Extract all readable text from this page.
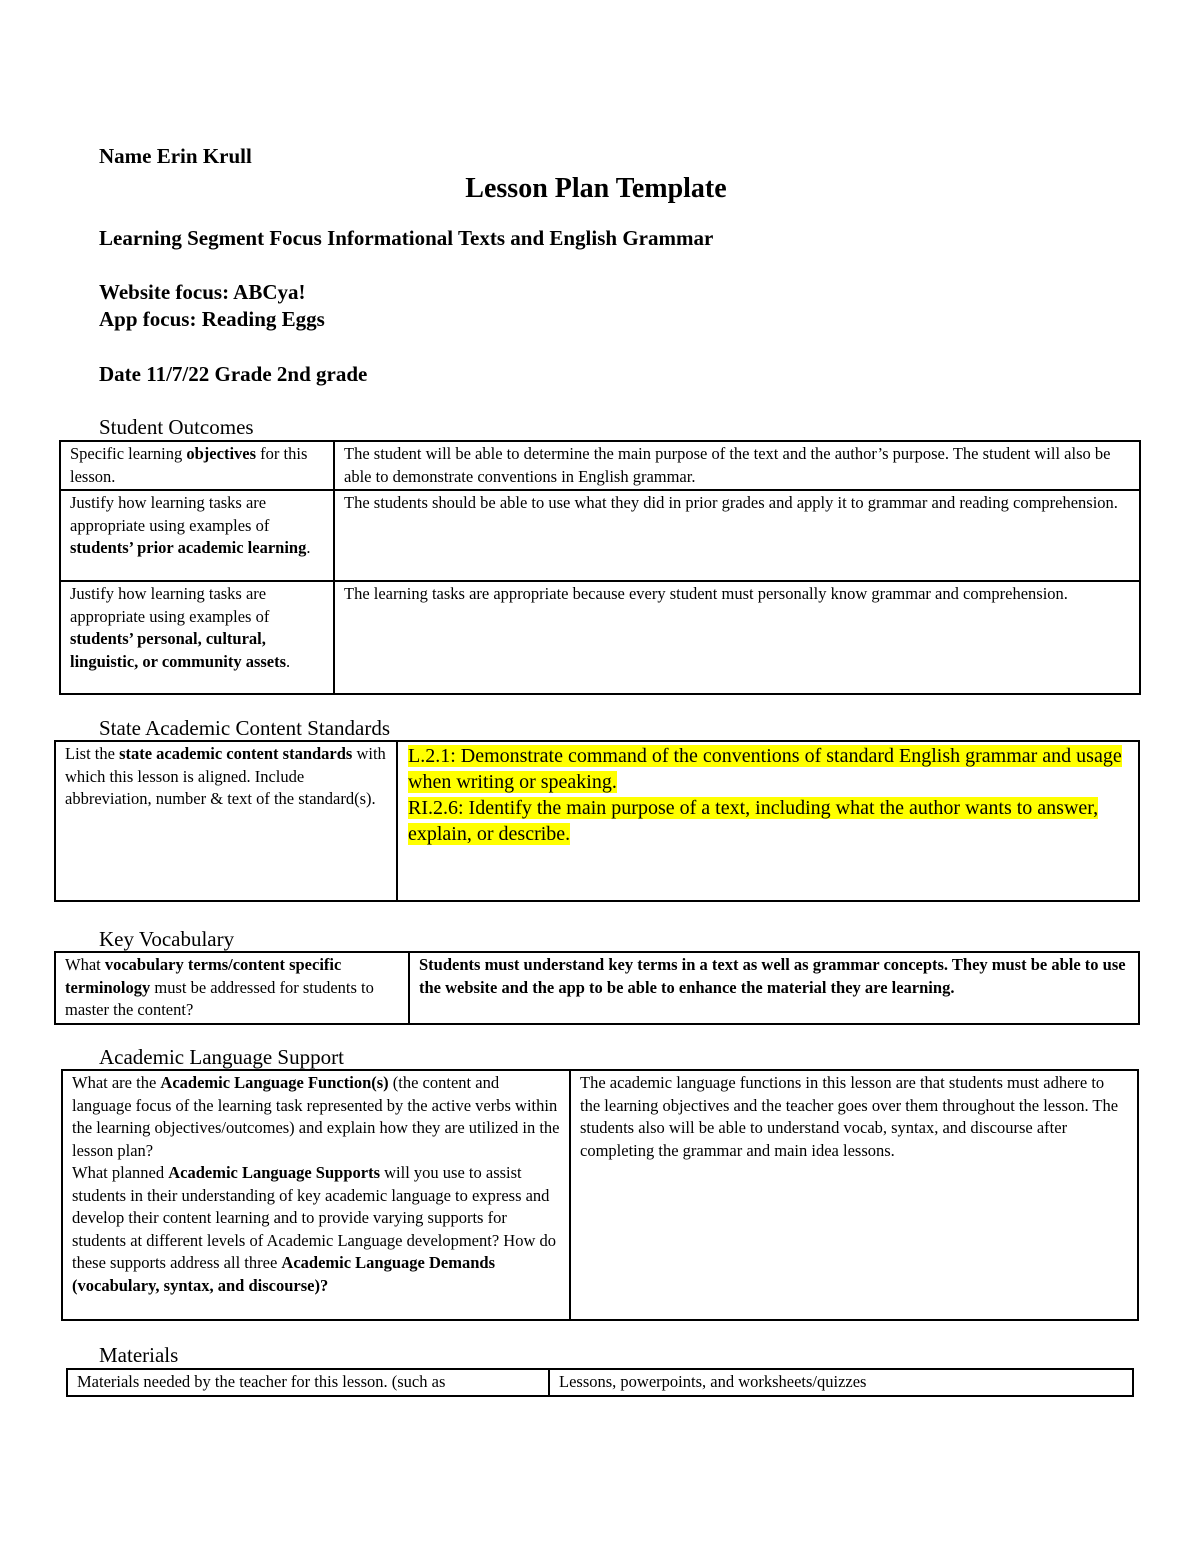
Name Erin Krull
Lesson Plan Template
Learning Segment Focus Informational Texts and English Grammar
Website focus: ABCya!
App focus: Reading Eggs
Date 11/7/22 Grade 2nd grade
Student Outcomes
Specific learning objectives for this lesson.	The student will be able to determine the main purpose of the text and the author’s purpose. The student will also be able to demonstrate conventions in English grammar.
Justify how learning tasks are appropriate using examples of students’ prior academic learning.	The students should be able to use what they did in prior grades and apply it to grammar and reading comprehension.
Justify how learning tasks are appropriate using examples of students’ personal, cultural, linguistic, or community assets.	The learning tasks are appropriate because every student must personally know grammar and comprehension.
State Academic Content Standards
List the state academic content standards with which this lesson is aligned. Include abbreviation, number & text of the standard(s).	L.2.1: Demonstrate command of the conventions of standard English grammar and usage when writing or speaking.
RI.2.6: Identify the main purpose of a text, including what the author wants to answer, explain, or describe.
Key Vocabulary
What vocabulary terms/content specific terminology must be addressed for students to master the content?	Students must understand key terms in a text as well as grammar concepts. They must be able to use the website and the app to be able to enhance the material they are learning.
Academic Language Support
What are the Academic Language Function(s) (the content and language focus of the learning task represented by the active verbs within the learning objectives/outcomes) and explain how they are utilized in the lesson plan?
What planned Academic Language Supports will you use to assist students in their understanding of key academic language to express and develop their content learning and to provide varying supports for students at different levels of Academic Language development? How do these supports address all three Academic Language Demands (vocabulary, syntax, and discourse)?	The academic language functions in this lesson are that students must adhere to the learning objectives and the teacher goes over them throughout the lesson. The students also will be able to understand vocab, syntax, and discourse after completing the grammar and main idea lessons.
Materials
Materials needed by the teacher for this lesson. (such as	Lessons, powerpoints, and worksheets/quizzes
